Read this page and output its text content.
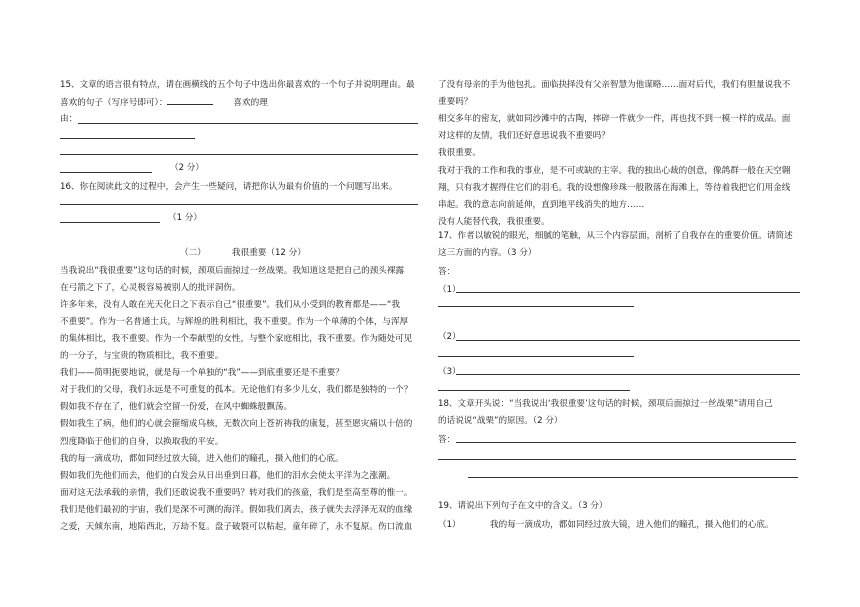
15、文章的语言很有特点，请在画横线的五个句子中选出你最喜欢的一个句子并说明理由。最
喜欢的句子（写序号即可）：	喜欢的理
由：
（2 分）
16、你在阅读此文的过程中，会产生一些疑问，请把你认为最有价值的一个问题写出来。
（1 分）
（二）	我很重要（12 分）
当我说出“我很重要”这句话的时候，颈项后面掠过一丝战栗。我知道这是把自己的颈头裸露
在弓箭之下了，心灵极容易被别人的批评洞伤。
许多年来，没有人敢在光天化日之下表示自己“很重要”。我们从小受到的教育都是——“我
不重要”。作为一名普通士兵，与辉煌的胜利相比，我不重要。作为一个单薄的个体，与浑厚
的集体相比，我不重要。作为一个奉献型的女性，与整个家庭相比，我不重要。作为随处可见
的一分子，与宝贵的物质相比，我不重要。
我们——简明扼要地说，就是每一个单独的“我”——到底重要还是不重要？
对于我们的父母，我们永远是不可重复的孤本。无论他们有多少儿女，我们都是独特的一个？
假如我不存在了，他们就会空留一份爱，在风中蜘蛛般飘荡。
假如我生了病，他们的心就会箍缩成乌核，无数次向上苍祈祷我的康复，甚至愿灾痛以十倍的
烈度降临于他们的自身，以换取我的平安。
我的每一滴成功，都如同经过放大镜，进入他们的瞳孔，摄入他们的心底。
假如我们先他们而去，他们的白发会从日出垂到日暮，他们的泪水会使太平洋为之涨潮。
面对这无法承载的亲情，我们还敢说我不重要吗？转对我们的孩童，我们是至高至尊的惟一。
我们是他们最初的宇宙，我们是深不可测的海洋。假如我们离去，孩子就失去浮泽无双的血缘
之爱，天倾东南，地陷西北，万劫不复。盘子破裂可以粘起，童年碎了，永不复原。伤口流血
了没有母亲的手为他包扎。面临抉择没有父亲智慧为他谋略……面对后代，我们有胆量说我不
重要吗？
相交多年的密友，就如同沙滩中的古陶，摔碎一件就少一件，再也找不到一模一样的成品。面
对这样的友情，我们还好意思说我不重要吗？
我很重要。
我对于我的工作和我的事业，是不可或缺的主宰。我的独出心裁的创意，像鸽群一般在天空翱
翔，只有我才握得住它们的羽毛。我的设想像珍珠一般散落在海滩上，等待着我把它们用金线
串起。我的意志向前延伸，直到地平线消失的地方……
没有人能替代我，我很重要。
17、作者以敏锐的眼光，细腻的笔触，从三个内容层面，剖析了自我存在的重要价值。请简述
这三方面的内容。（3 分）
答：
（1）
（2）
（3）
18、文章开头说：“当我说出‘我很重要’这句话的时候，颈项后面掠过一丝战栗”请用自己
的话说说“战栗”的原因。（2 分）
答：
19、请说出下列句子在文中的含义。（3 分）
（1）	我的每一滴成功，都如同经过放大镜，进入他们的瞳孔，摄入他们的心底。
